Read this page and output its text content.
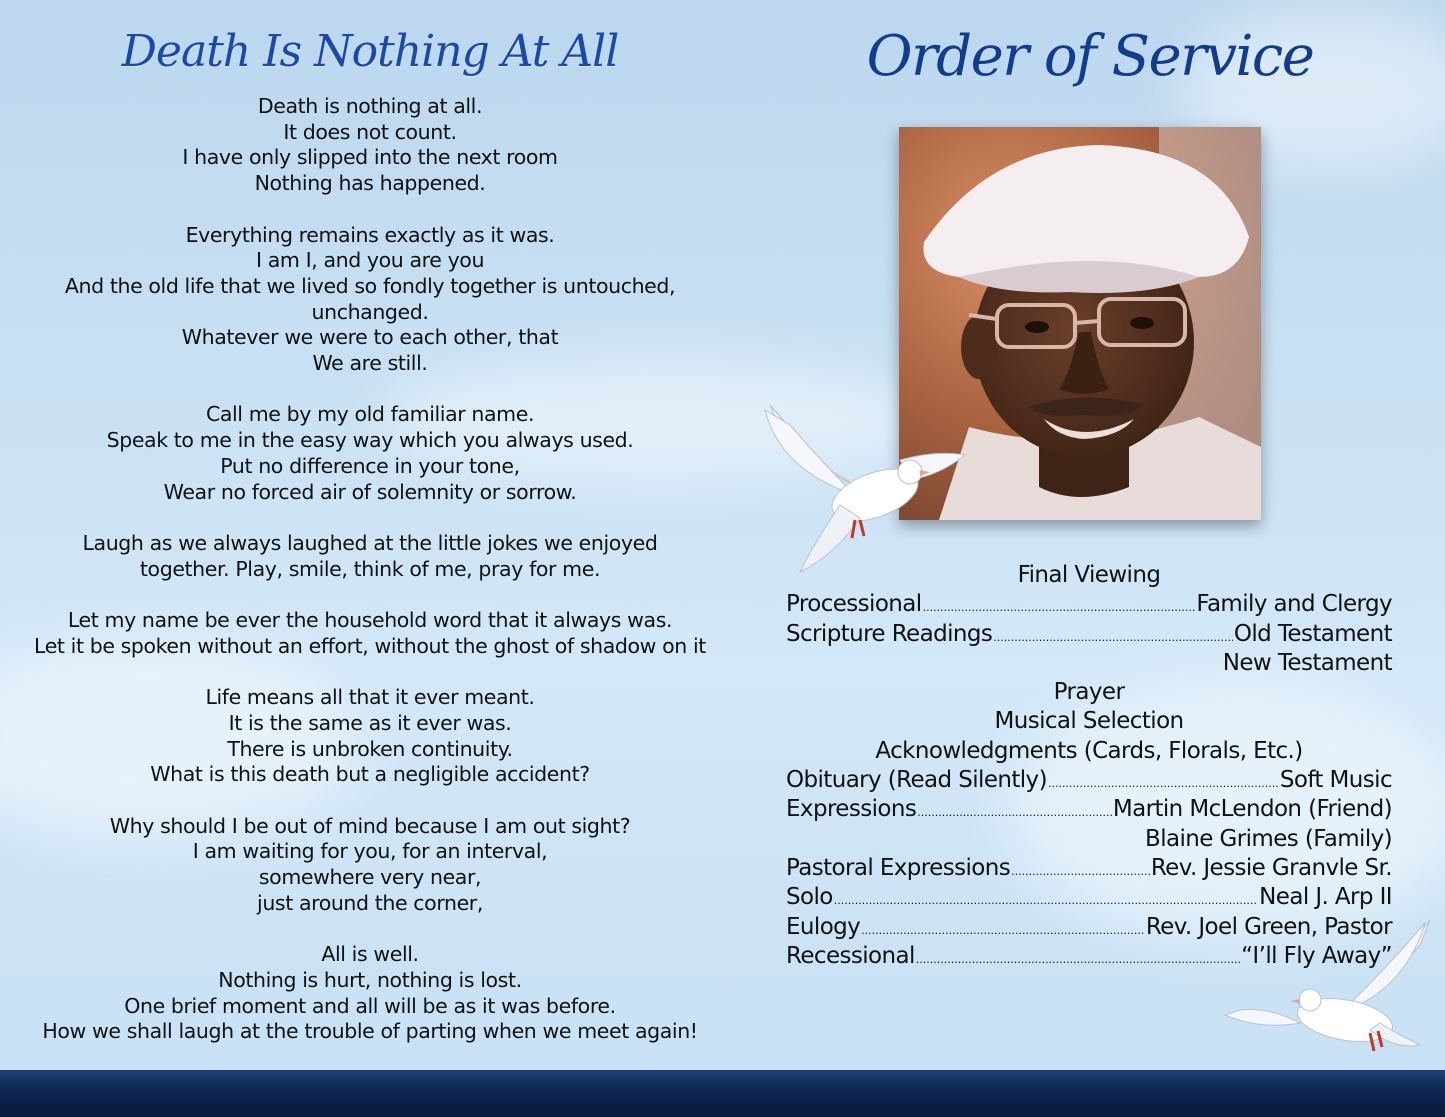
Death Is Nothing At All
Death is nothing at all.
It does not count.
I have only slipped into the next room
Nothing has happened.
Everything remains exactly as it was.
I am I, and you are you
And the old life that we lived so fondly together is untouched,
unchanged.
Whatever we were to each other, that
We are still.
Call me by my old familiar name.
Speak to me in the easy way which you always used.
Put no difference in your tone,
Wear no forced air of solemnity or sorrow.
Laugh as we always laughed at the little jokes we enjoyed
together. Play, smile, think of me, pray for me.
Let my name be ever the household word that it always was.
Let it be spoken without an effort, without the ghost of shadow on it
Life means all that it ever meant.
It is the same as it ever was.
There is unbroken continuity.
What is this death but a negligible accident?
Why should I be out of mind because I am out sight?
I am waiting for you, for an interval,
somewhere very near,
just around the corner,
All is well.
Nothing is hurt, nothing is lost.
One brief moment and all will be as it was before.
How we shall laugh at the trouble of parting when we meet again!
Order of Service
Final Viewing
Processional .....	Family and Clergy
Scripture Readings .....	Old Testament
New Testament
Prayer
Musical Selection
Acknowledgments (Cards, Florals, Etc.)
Obituary (Read Silently) .....	Soft Music
Expressions .....	Martin McLendon (Friend)
Blaine Grimes (Family)
Pastoral Expressions .....	Rev. Jessie Granvle Sr.
Solo .....	Neal J. Arp II
Eulogy .....	Rev. Joel Green, Pastor
Recessional .....	“I’ll Fly Away”
